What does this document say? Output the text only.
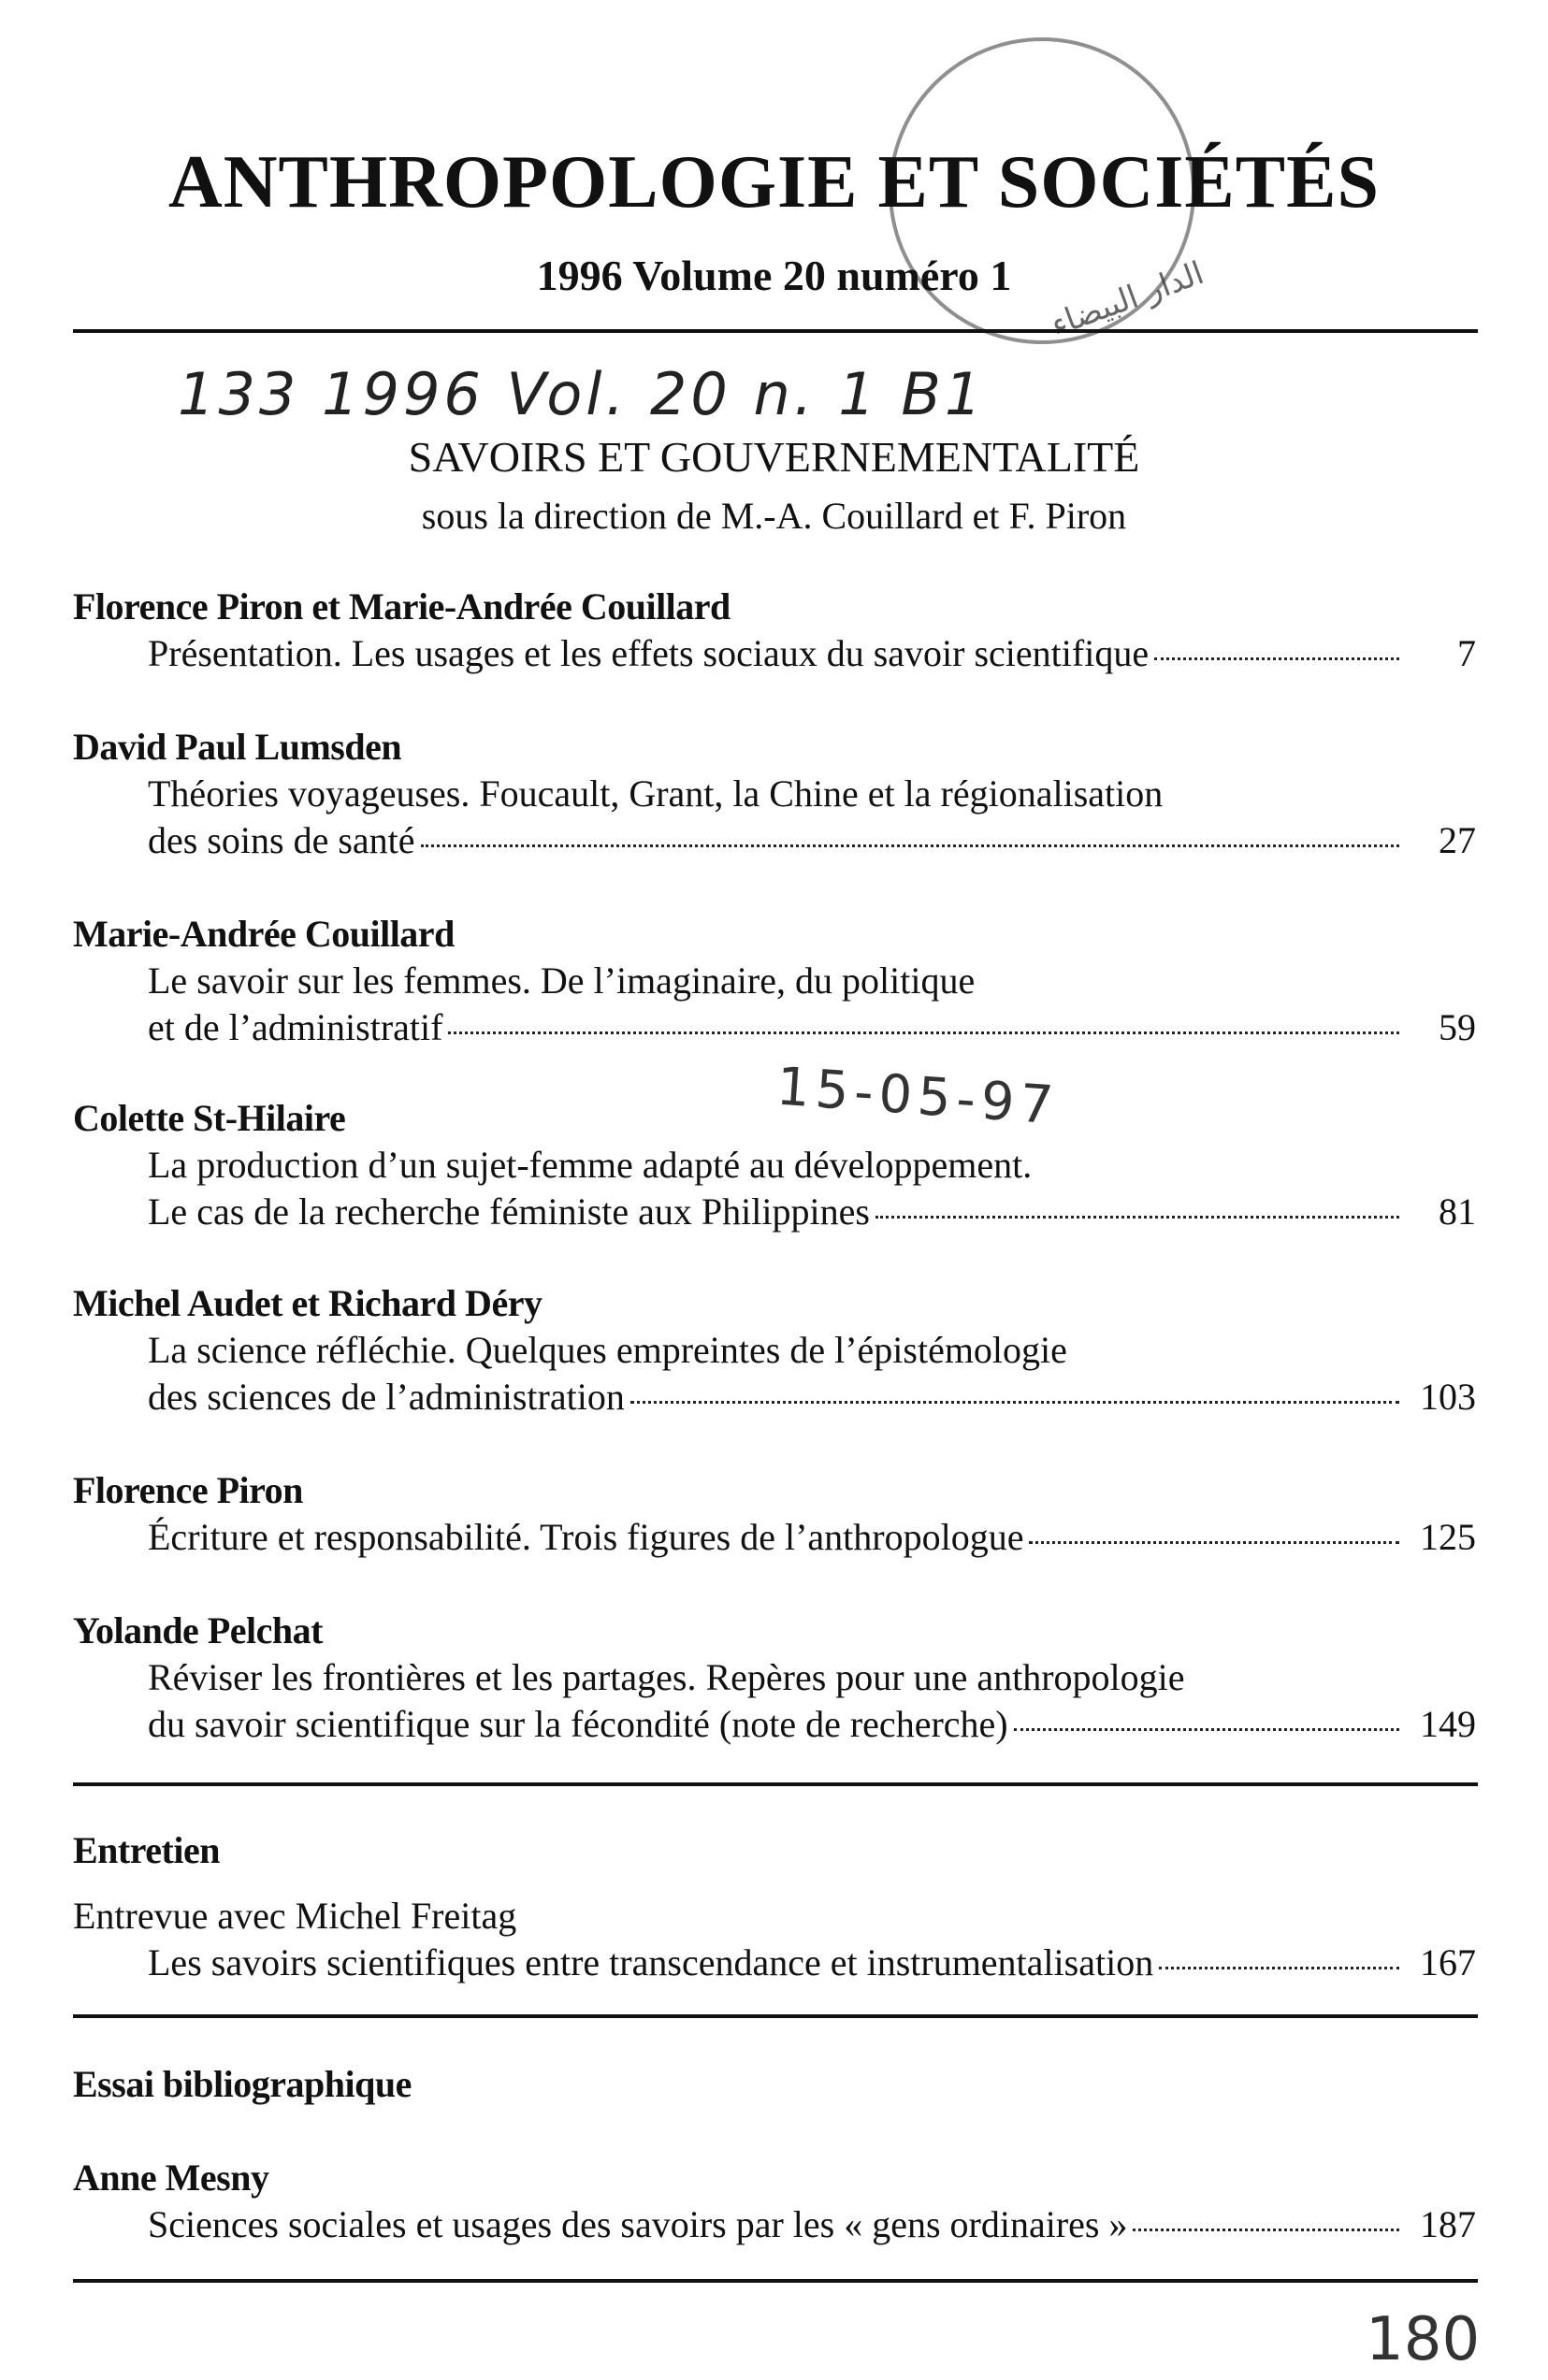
الدار البيضاء
ANTHROPOLOGIE ET SOCIÉTÉS
1996 Volume 20 numéro 1
133 1996 Vol. 20 n. 1 B1
SAVOIRS ET GOUVERNEMENTALITÉ
sous la direction de M.-A. Couillard et F. Piron
Florence Piron et Marie-Andrée Couillard
Présentation. Les usages et les effets sociaux du savoir scientifique	7
David Paul Lumsden
Théories voyageuses. Foucault, Grant, la Chine et la régionalisation
des soins de santé	27
Marie-Andrée Couillard
Le savoir sur les femmes. De l’imaginaire, du politique
et de l’administratif	59
Colette St-Hilaire
La production d’un sujet-femme adapté au développement.
Le cas de la recherche féministe aux Philippines	81
Michel Audet et Richard Déry
La science réfléchie. Quelques empreintes de l’épistémologie
des sciences de l’administration	103
Florence Piron
Écriture et responsabilité. Trois figures de l’anthropologue	125
Yolande Pelchat
Réviser les frontières et les partages. Repères pour une anthropologie
du savoir scientifique sur la fécondité (note de recherche)	149
Entretien
Entrevue avec Michel Freitag
Les savoirs scientifiques entre transcendance et instrumentalisation	167
Essai bibliographique
Anne Mesny
Sciences sociales et usages des savoirs par les « gens ordinaires »	187
15-05-97
180
